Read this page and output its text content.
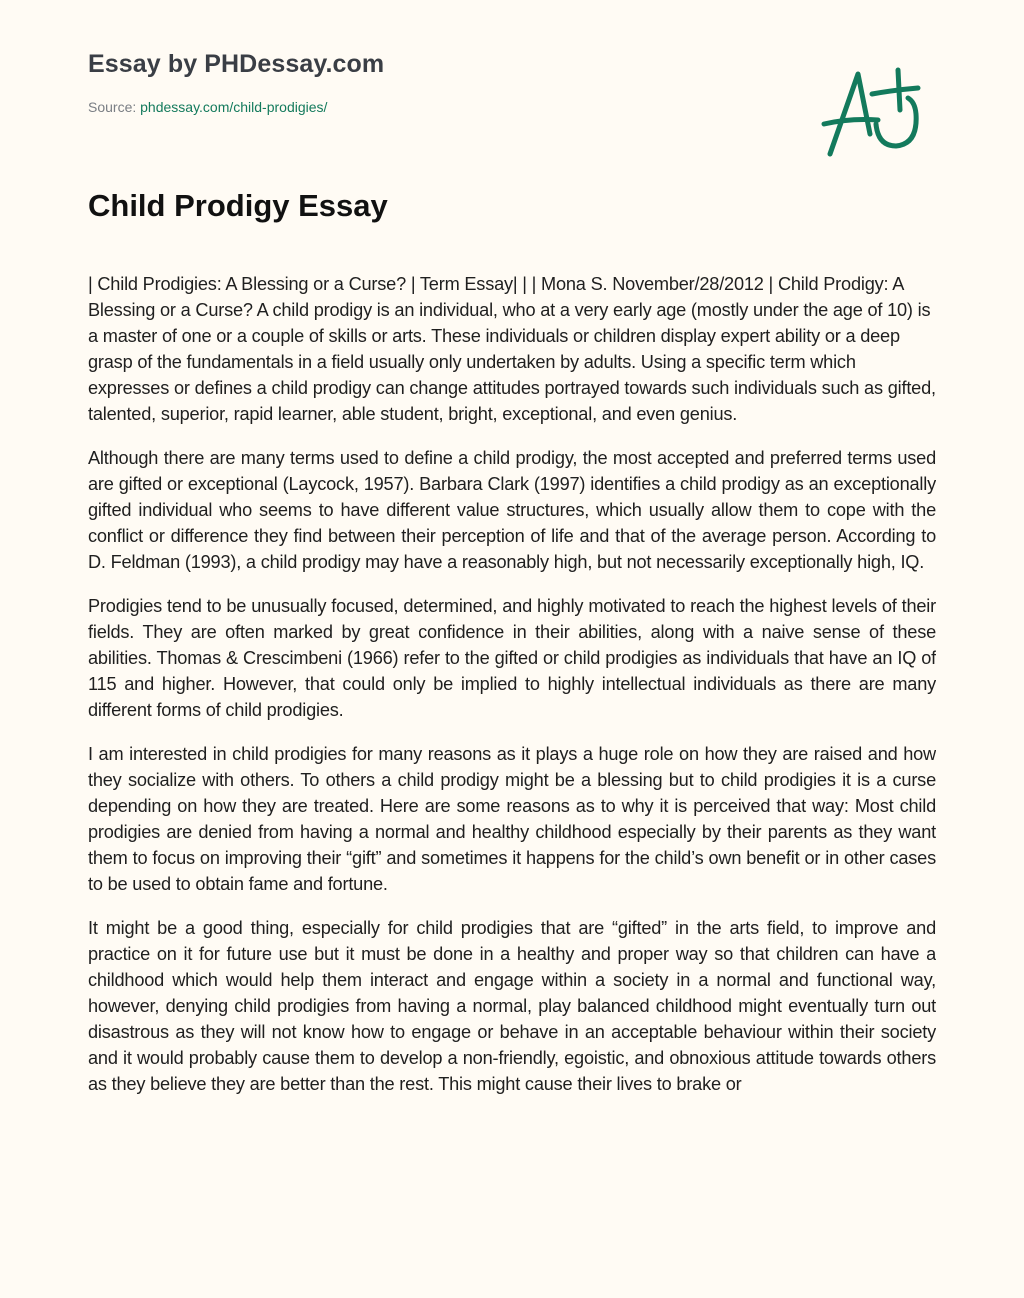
Essay by PHDessay.com
Source: phdessay.com/child-prodigies/
Child Prodigy Essay

| Child Prodigies: A Blessing or a Curse? | Term Essay| | | Mona S. November/28/2012 | Child Prodigy: A Blessing or a Curse? A child prodigy is an individual, who at a very early age (mostly under the age of 10) is a master of one or a couple of skills or arts. These individuals or children display expert ability or a deep grasp of the fundamentals in a field usually only undertaken by adults. Using a specific term which expresses or defines a child prodigy can change attitudes portrayed towards such individuals such as gifted, talented, superior, rapid learner, able student, bright, exceptional, and even genius.

Although there are many terms used to define a child prodigy, the most accepted and preferred terms used are gifted or exceptional (Laycock, 1957). Barbara Clark (1997) identifies a child prodigy as an exceptionally gifted individual who seems to have different value structures, which usually allow them to cope with the conflict or difference they find between their perception of life and that of the average person. According to D. Feldman (1993), a child prodigy may have a reasonably high, but not necessarily exceptionally high, IQ.

Prodigies tend to be unusually focused, determined, and highly motivated to reach the highest levels of their fields. They are often marked by great confidence in their abilities, along with a naive sense of these abilities. Thomas & Crescimbeni (1966) refer to the gifted or child prodigies as individuals that have an IQ of 115 and higher. However, that could only be implied to highly intellectual individuals as there are many different forms of child prodigies.

I am interested in child prodigies for many reasons as it plays a huge role on how they are raised and how they socialize with others. To others a child prodigy might be a blessing but to child prodigies it is a curse depending on how they are treated. Here are some reasons as to why it is perceived that way: Most child prodigies are denied from having a normal and healthy childhood especially by their parents as they want them to focus on improving their “gift” and sometimes it happens for the child’s own benefit or in other cases to be used to obtain fame and fortune.

It might be a good thing, especially for child prodigies that are “gifted” in the arts field, to improve and practice on it for future use but it must be done in a healthy and proper way so that children can have a childhood which would help them interact and engage within a society in a normal and functional way, however, denying child prodigies from having a normal, play balanced childhood might eventually turn out disastrous as they will not know how to engage or behave in an acceptable behaviour within their society and it would probably cause them to develop a non-friendly, egoistic, and obnoxious attitude towards others as they believe they are better than the rest. This might cause their lives to brake or
